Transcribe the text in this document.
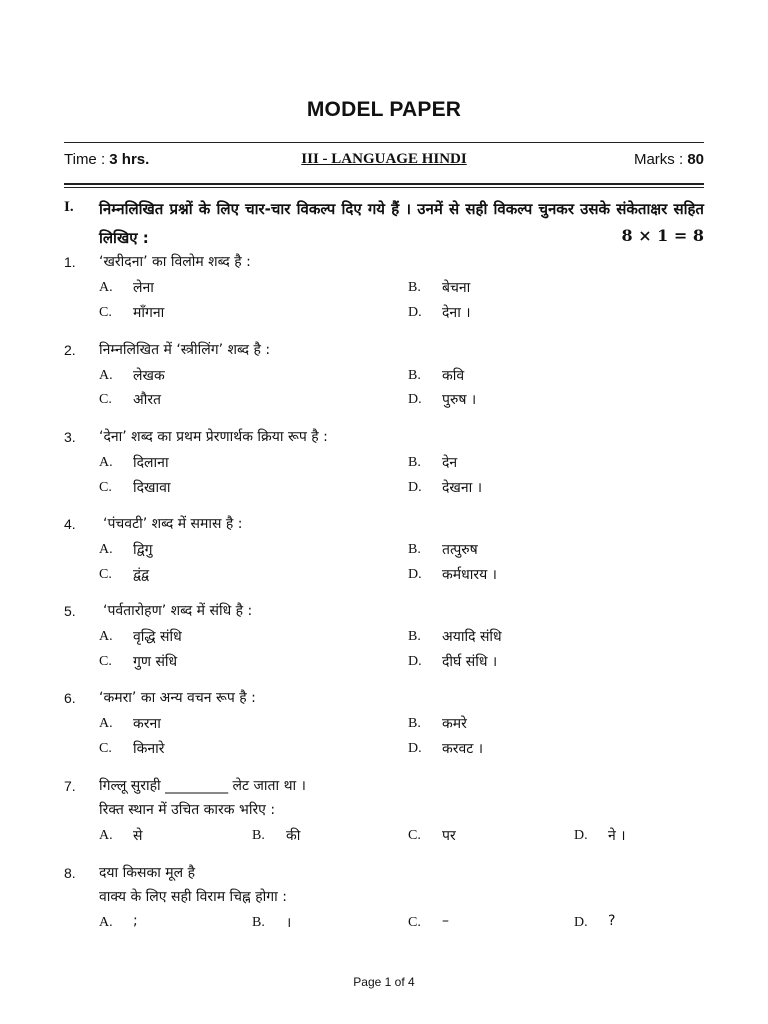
MODEL PAPER
Time : 3 hrs.	III - LANGUAGE HINDI	Marks : 80
I. निम्नलिखित प्रश्नों के लिए चार-चार विकल्प दिए गये हैं । उनमें से सही विकल्प चुनकर उसके संकेताक्षर सहित लिखिए :	8 × 1 = 8
1. ‘खरीदना’ का विलोम शब्द है :
A. लेना	B. बेचना
C. माँगना	D. देना ।
2. निम्नलिखित में ‘स्त्रीलिंग’ शब्द है :
A. लेखक	B. कवि
C. औरत	D. पुरुष ।
3. ‘देना’ शब्द का प्रथम प्रेरणार्थक क्रिया रूप है :
A. दिलाना	B. देन
C. दिखावा	D. देखना ।
4. ‘पंचवटी’ शब्द में समास है :
A. द्विगु	B. तत्पुरुष
C. द्वंद्व	D. कर्मधारय ।
5. ‘पर्वतारोहण’ शब्द में संधि है :
A. वृद्धि संधि	B. अयादि संधि
C. गुण संधि	D. दीर्घ संधि ।
6. ‘कमरा’ का अन्य वचन रूप है :
A. करना	B. कमरे
C. किनारे	D. करवट ।
7. गिल्लू सुराही _________ लेट जाता था ।
रिक्त स्थान में उचित कारक भरिए :
A. से	B. की	C. पर	D. ने ।
8. दया किसका मूल है
वाक्य के लिए सही विराम चिह्न होगा :
A. ;	B. ।	C. –	D. ?
Page 1 of 4
